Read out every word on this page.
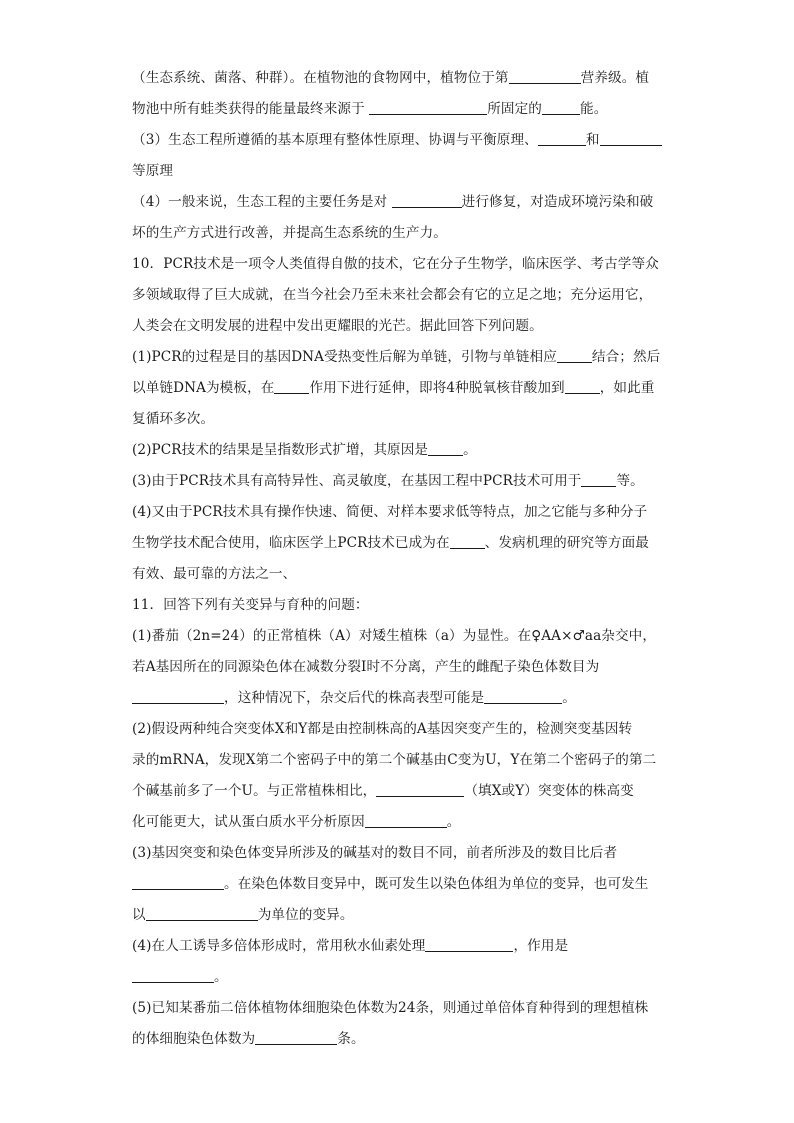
（生态系统、菌落、种群）。在植物池的食物网中，植物位于第	营养级。植
物池中所有蛙类获得的能量最终来源于	所固定的	能。
（3）生态工程所遵循的基本原理有整体性原理、协调与平衡原理、	和
等原理
（4）一般来说，生态工程的主要任务是对	进行修复，对造成环境污染和破
坏的生产方式进行改善，并提高生态系统的生产力。
10．PCR技术是一项令人类值得自傲的技术，它在分子生物学，临床医学、考古学等众
多领域取得了巨大成就，在当今社会乃至未来社会都会有它的立足之地；充分运用它，
人类会在文明发展的进程中发出更耀眼的光芒。据此回答下列问题。
(1)PCR的过程是目的基因DNA受热变性后解为单链，引物与单链相应	结合；然后
以单链DNA为模板，在	作用下进行延伸，即将4种脱氧核苷酸加到	，如此重
复循环多次。
(2)PCR技术的结果是呈指数形式扩增，其原因是	。
(3)由于PCR技术具有高特异性、高灵敏度，在基因工程中PCR技术可用于	等。
(4)又由于PCR技术具有操作快速、简便、对样本要求低等特点，加之它能与多种分子
生物学技术配合使用，临床医学上PCR技术已成为在	、发病机理的研究等方面最
有效、最可靠的方法之一、
11．回答下列有关变异与育种的问题：
(1)番茄（2n=24）的正常植株（A）对矮生植株（a）为显性。在♀AA×♂aa杂交中，
若A基因所在的同源染色体在减数分裂Ⅰ时不分离，产生的雌配子染色体数目为
，这种情况下，杂交后代的株高表型可能是	。
(2)假设两种纯合突变体X和Y都是由控制株高的A基因突变产生的，检测突变基因转
录的mRNA，发现X第二个密码子中的第二个碱基由C变为U，Y在第二个密码子的第二
个碱基前多了一个U。与正常植株相比，	（填X或Y）突变体的株高变
化可能更大，试从蛋白质水平分析原因	。
(3)基因突变和染色体变异所涉及的碱基对的数目不同，前者所涉及的数目比后者
。在染色体数目变异中，既可发生以染色体组为单位的变异，也可发生
以	为单位的变异。
(4)在人工诱导多倍体形成时，常用秋水仙素处理	，作用是
。
(5)已知某番茄二倍体植物体细胞染色体数为24条，则通过单倍体育种得到的理想植株
的体细胞染色体数为	条。
